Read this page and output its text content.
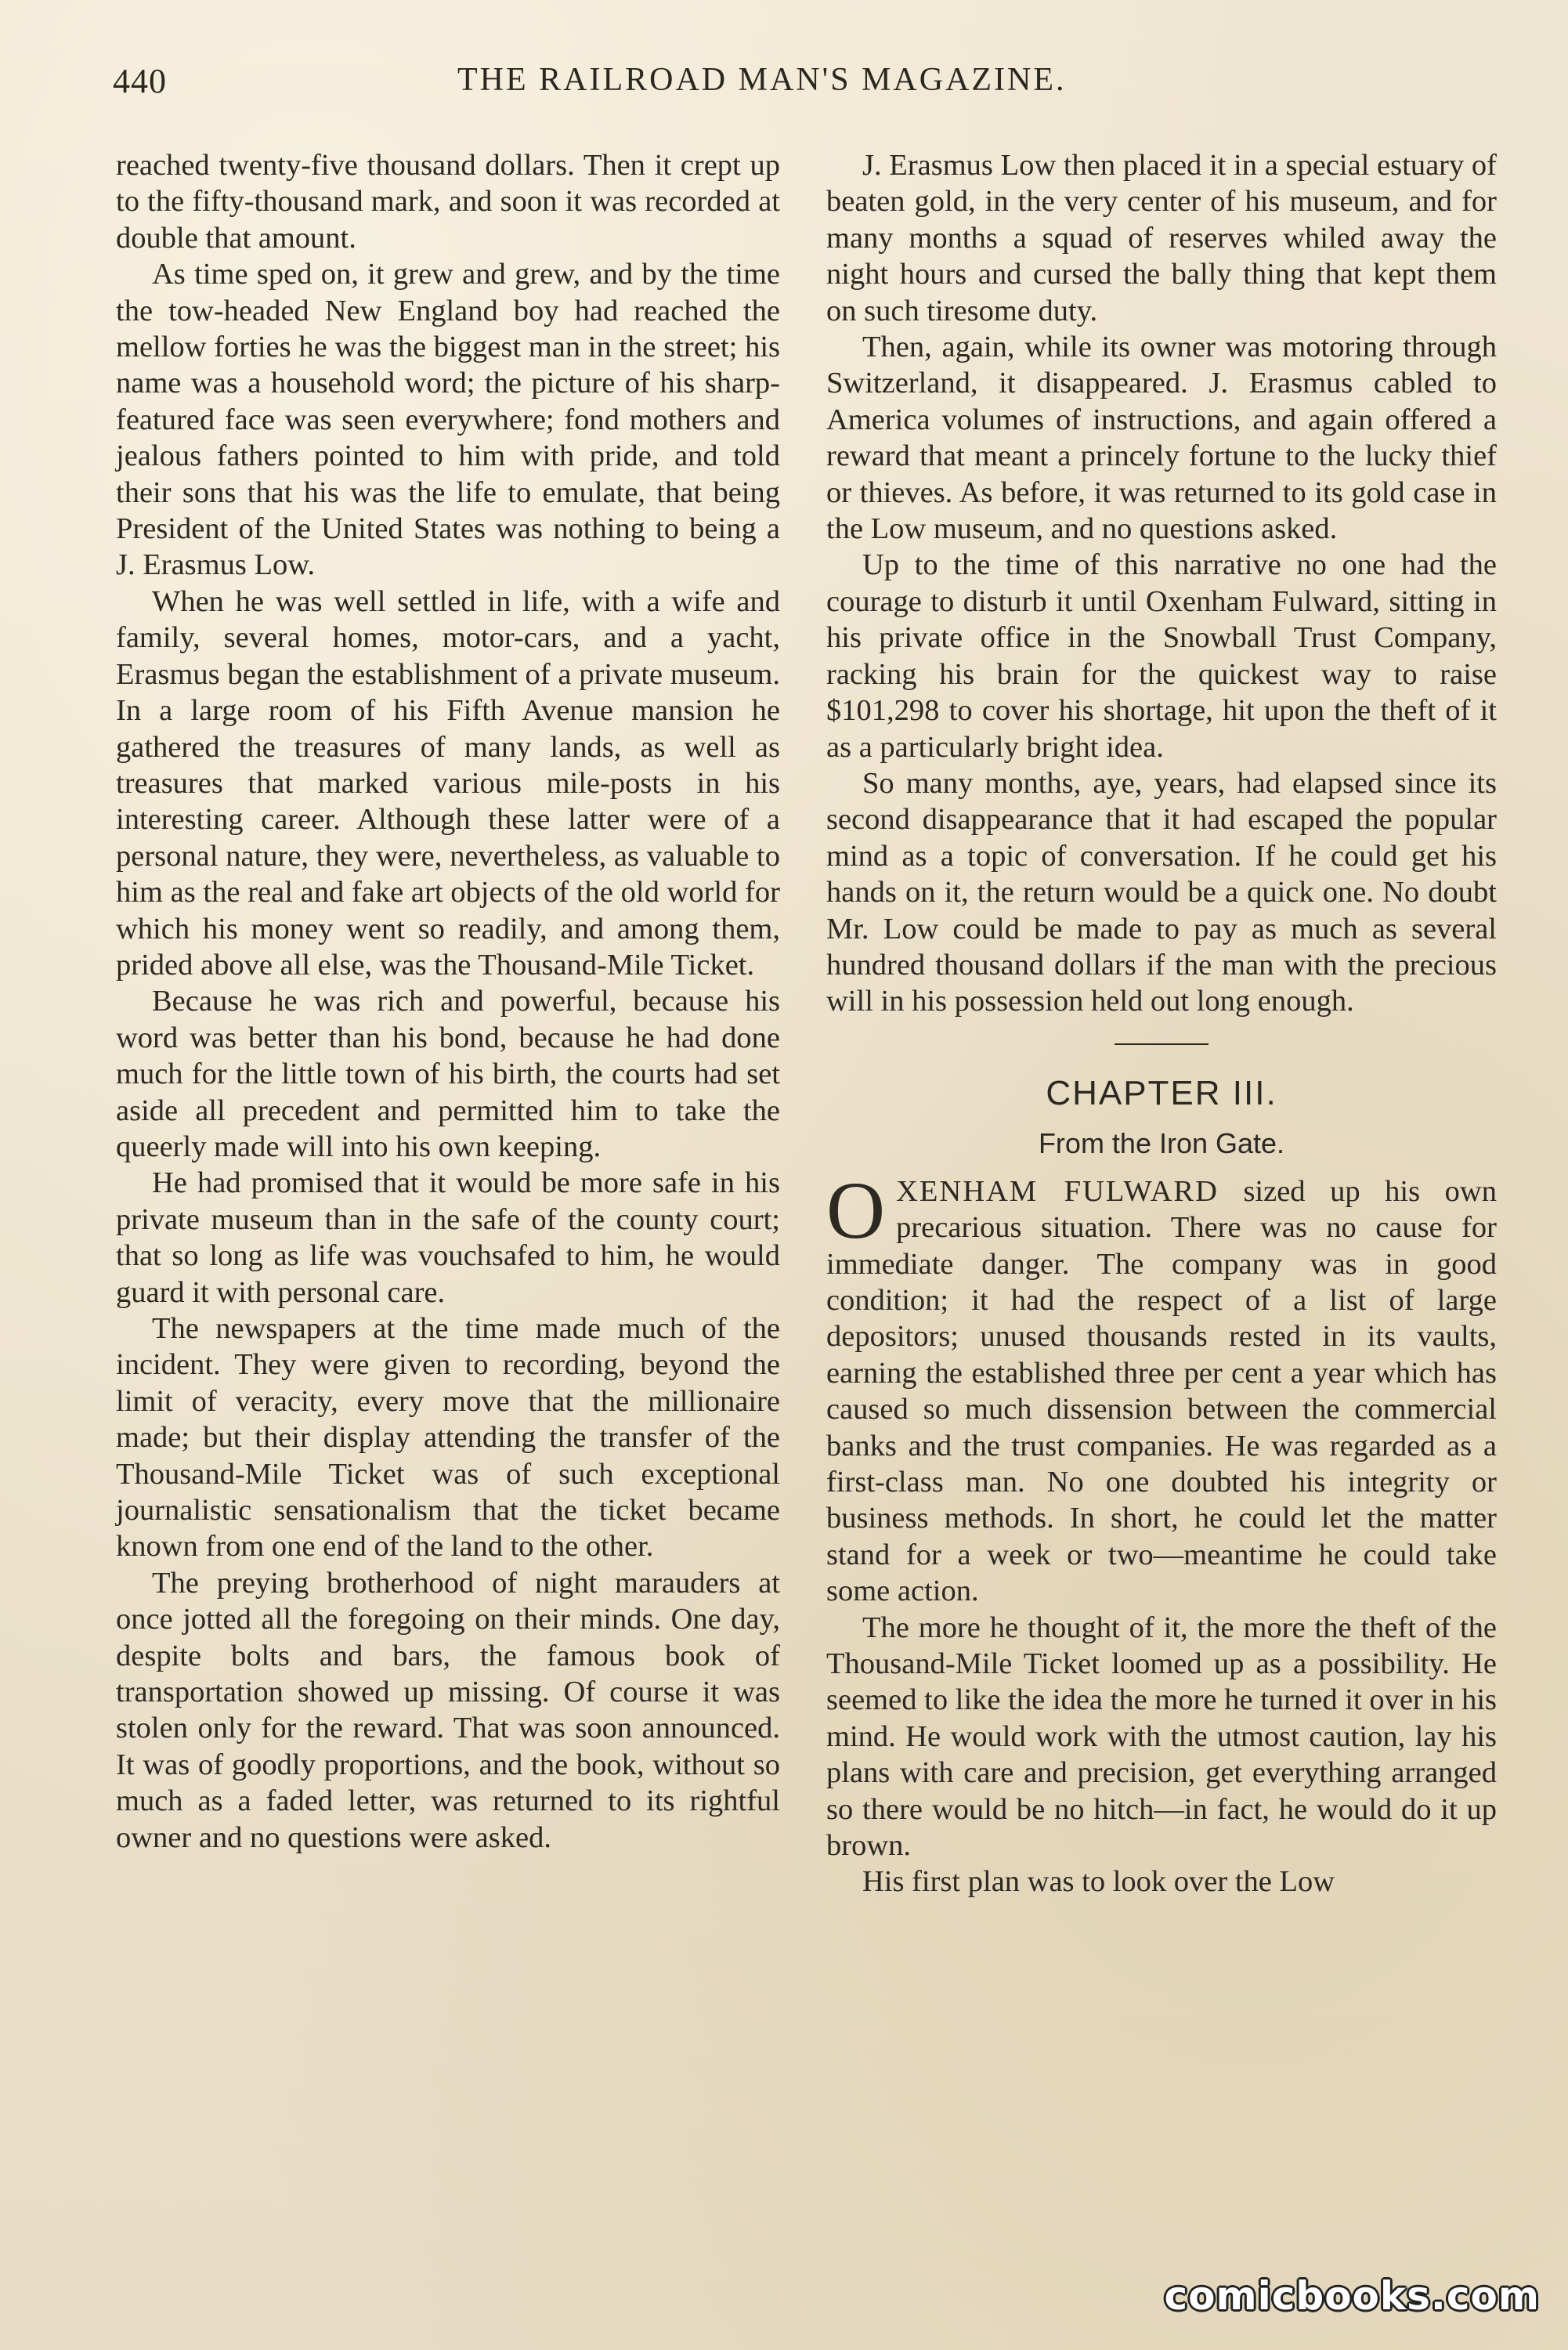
440	THE RAILROAD MAN'S MAGAZINE.

reached twenty-five thousand dollars. Then it crept up to the fifty-thousand mark, and soon it was recorded at double that amount.

As time sped on, it grew and grew, and by the time the tow-headed New England boy had reached the mellow forties he was the biggest man in the street; his name was a household word; the picture of his sharp-featured face was seen everywhere; fond mothers and jealous fathers pointed to him with pride, and told their sons that his was the life to emulate, that being President of the United States was nothing to being a J. Erasmus Low.

When he was well settled in life, with a wife and family, several homes, motor-cars, and a yacht, Erasmus began the establishment of a private museum. In a large room of his Fifth Avenue mansion he gathered the treasures of many lands, as well as treasures that marked various mile-posts in his interesting career. Although these latter were of a personal nature, they were, nevertheless, as valuable to him as the real and fake art objects of the old world for which his money went so readily, and among them, prided above all else, was the Thousand-Mile Ticket.

Because he was rich and powerful, because his word was better than his bond, because he had done much for the little town of his birth, the courts had set aside all precedent and permitted him to take the queerly made will into his own keeping.

He had promised that it would be more safe in his private museum than in the safe of the county court; that so long as life was vouchsafed to him, he would guard it with personal care.

The newspapers at the time made much of the incident. They were given to recording, beyond the limit of veracity, every move that the millionaire made; but their display attending the transfer of the Thousand-Mile Ticket was of such exceptional journalistic sensationalism that the ticket became known from one end of the land to the other.

The preying brotherhood of night marauders at once jotted all the foregoing on their minds. One day, despite bolts and bars, the famous book of transportation showed up missing. Of course it was stolen only for the reward. That was soon announced. It was of goodly proportions, and the book, without so much as a faded letter, was returned to its rightful owner and no questions were asked.

J. Erasmus Low then placed it in a special estuary of beaten gold, in the very center of his museum, and for many months a squad of reserves whiled away the night hours and cursed the bally thing that kept them on such tiresome duty.

Then, again, while its owner was motoring through Switzerland, it disappeared. J. Erasmus cabled to America volumes of instructions, and again offered a reward that meant a princely fortune to the lucky thief or thieves. As before, it was returned to its gold case in the Low museum, and no questions asked.

Up to the time of this narrative no one had the courage to disturb it until Oxenham Fulward, sitting in his private office in the Snowball Trust Company, racking his brain for the quickest way to raise $101,298 to cover his shortage, hit upon the theft of it as a particularly bright idea.

So many months, aye, years, had elapsed since its second disappearance that it had escaped the popular mind as a topic of conversation. If he could get his hands on it, the return would be a quick one. No doubt Mr. Low could be made to pay as much as several hundred thousand dollars if the man with the precious will in his possession held out long enough.

CHAPTER III.
From the Iron Gate.

OXENHAM FULWARD sized up his own precarious situation. There was no cause for immediate danger. The company was in good condition; it had the respect of a list of large depositors; unused thousands rested in its vaults, earning the established three per cent a year which has caused so much dissension between the commercial banks and the trust companies. He was regarded as a first-class man. No one doubted his integrity or business methods. In short, he could let the matter stand for a week or two—meantime he could take some action.

The more he thought of it, the more the theft of the Thousand-Mile Ticket loomed up as a possibility. He seemed to like the idea the more he turned it over in his mind. He would work with the utmost caution, lay his plans with care and precision, get everything arranged so there would be no hitch—in fact, he would do it up brown.

His first plan was to look over the Low

comicbooks.com
